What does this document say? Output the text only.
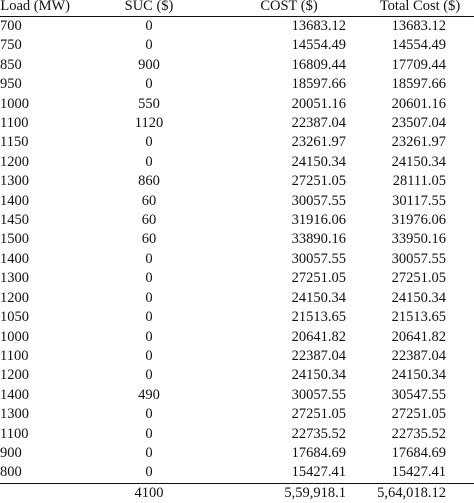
Load (MW)	SUC ($)	COST ($)	Total Cost ($)
700	0	13683.12	13683.12
750	0	14554.49	14554.49
850	900	16809.44	17709.44
950	0	18597.66	18597.66
1000	550	20051.16	20601.16
1100	1120	22387.04	23507.04
1150	0	23261.97	23261.97
1200	0	24150.34	24150.34
1300	860	27251.05	28111.05
1400	60	30057.55	30117.55
1450	60	31916.06	31976.06
1500	60	33890.16	33950.16
1400	0	30057.55	30057.55
1300	0	27251.05	27251.05
1200	0	24150.34	24150.34
1050	0	21513.65	21513.65
1000	0	20641.82	20641.82
1100	0	22387.04	22387.04
1200	0	24150.34	24150.34
1400	490	30057.55	30547.55
1300	0	27251.05	27251.05
1100	0	22735.52	22735.52
900	0	17684.69	17684.69
800	0	15427.41	15427.41
	4100	5,59,918.1	5,64,018.12
